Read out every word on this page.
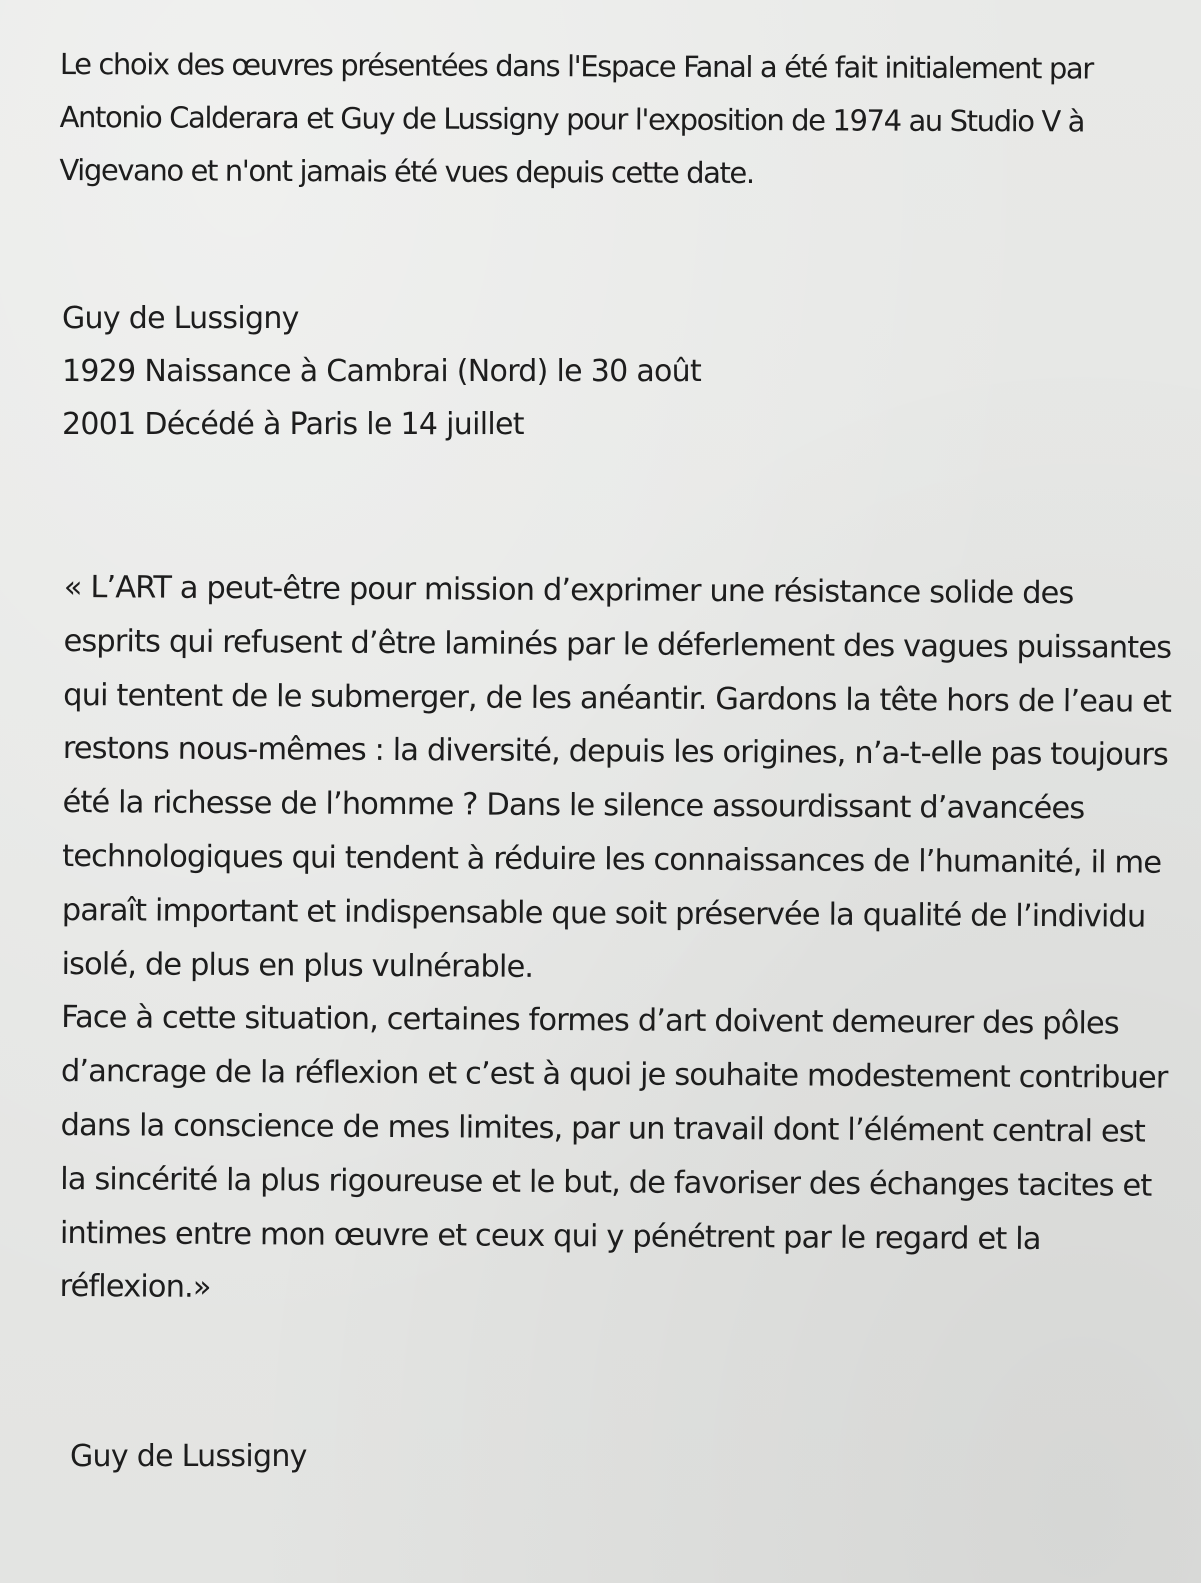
Le choix des œuvres présentées dans l'Espace Fanal a été fait initialement par Antonio Calderara et Guy de Lussigny pour l'exposition de 1974 au Studio V à Vigevano et n'ont jamais été vues depuis cette date.

Guy de Lussigny
1929 Naissance à Cambrai (Nord) le 30 août
2001 Décédé à Paris le 14 juillet

« L’ART a peut-être pour mission d’exprimer une résistance solide des esprits qui refusent d’être laminés par le déferlement des vagues puissantes qui tentent de le submerger, de les anéantir. Gardons la tête hors de l’eau et restons nous-mêmes : la diversité, depuis les origines, n’a-t-elle pas toujours été la richesse de l’homme ? Dans le silence assourdissant d’avancées technologiques qui tendent à réduire les connaissances de l’humanité, il me paraît important et indispensable que soit préservée la qualité de l’individu isolé, de plus en plus vulnérable.

Face à cette situation, certaines formes d’art doivent demeurer des pôles d’ancrage de la réflexion et c’est à quoi je souhaite modestement contribuer dans la conscience de mes limites, par un travail dont l’élément central est la sincérité la plus rigoureuse et le but, de favoriser des échanges tacites et intimes entre mon œuvre et ceux qui y pénétrent par le regard et la réflexion.»

Guy de Lussigny
